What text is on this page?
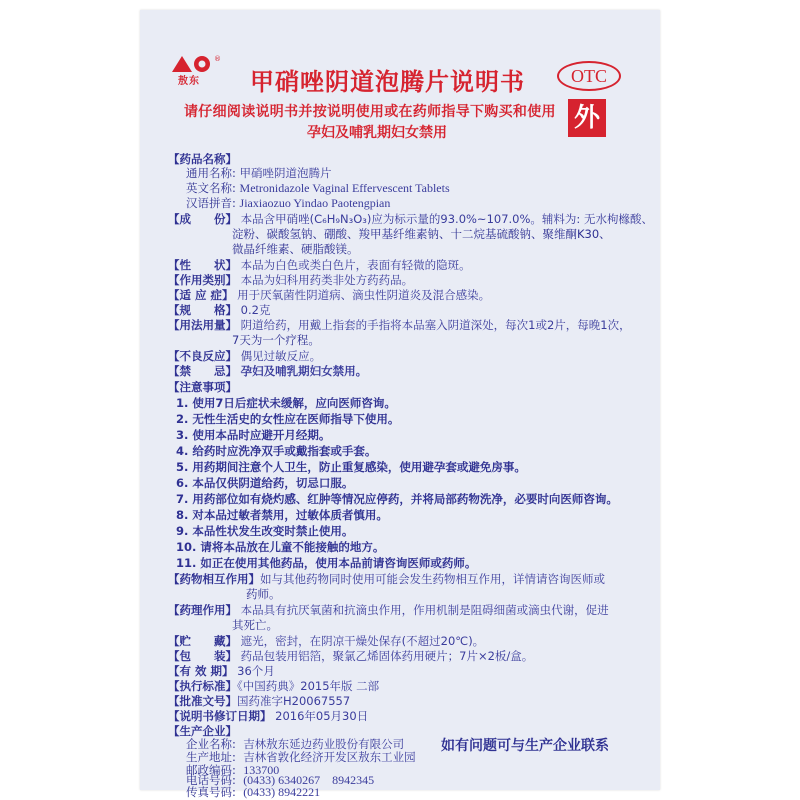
®
敖东 甲硝唑阴道泡腾片说明书	OTC
外
请仔细阅读说明书并按说明使用或在药师指导下购买和使用
孕妇及哺乳期妇女禁用
【药品名称】
通用名称: 甲硝唑阴道泡腾片
英文名称: Metronidazole Vaginal Effervescent Tablets
汉语拼音: Jiaxiaozuo Yindao Paotengpian
【成　　份】 本品含甲硝唑(C₆H₉N₃O₃)应为标示量的93.0%~107.0%。辅料为: 无水枸橼酸、
淀粉、碳酸氢钠、硼酸、羧甲基纤维素钠、十二烷基硫酸钠、聚维酮K30、
微晶纤维素、硬脂酸镁。
【性　　状】 本品为白色或类白色片，表面有轻微的隐斑。
【作用类别】 本品为妇科用药类非处方药药品。
【适 应 症】 用于厌氧菌性阴道病、滴虫性阴道炎及混合感染。
【规　　格】 0.2克
【用法用量】 阴道给药，用戴上指套的手指将本品塞入阴道深处，每次1或2片，每晚1次，
7天为一个疗程。
【不良反应】 偶见过敏反应。
【禁　　忌】 孕妇及哺乳期妇女禁用。
【注意事项】
1. 使用7日后症状未缓解，应向医师咨询。
2. 无性生活史的女性应在医师指导下使用。
3. 使用本品时应避开月经期。
4. 给药时应洗净双手或戴指套或手套。
5. 用药期间注意个人卫生，防止重复感染，使用避孕套或避免房事。
6. 本品仅供阴道给药，切忌口服。
7. 用药部位如有烧灼感、红肿等情况应停药，并将局部药物洗净，必要时向医师咨询。
8. 对本品过敏者禁用，过敏体质者慎用。
9. 本品性状发生改变时禁止使用。
10. 请将本品放在儿童不能接触的地方。
11. 如正在使用其他药品，使用本品前请咨询医师或药师。
【药物相互作用】如与其他药物同时使用可能会发生药物相互作用，详情请咨询医师或
药师。
【药理作用】 本品具有抗厌氧菌和抗滴虫作用，作用机制是阻碍细菌或滴虫代谢，促进
其死亡。
【贮　　藏】 遮光，密封，在阴凉干燥处保存(不超过20℃)。
【包　　装】 药品包装用铝箔，聚氯乙烯固体药用硬片；7片×2板/盒。
【有 效 期】 36个月
【执行标准】《中国药典》2015年版 二部
【批准文号】国药准字H20067557
【说明书修订日期】 2016年05月30日
【生产企业】
企业名称: 吉林敖东延边药业股份有限公司
生产地址: 吉林省敦化经济开发区敖东工业园
邮政编码: 133700
如有问题可与生产企业联系
电话号码: (0433) 6340267　8942345
传真号码: (0433) 8942221
